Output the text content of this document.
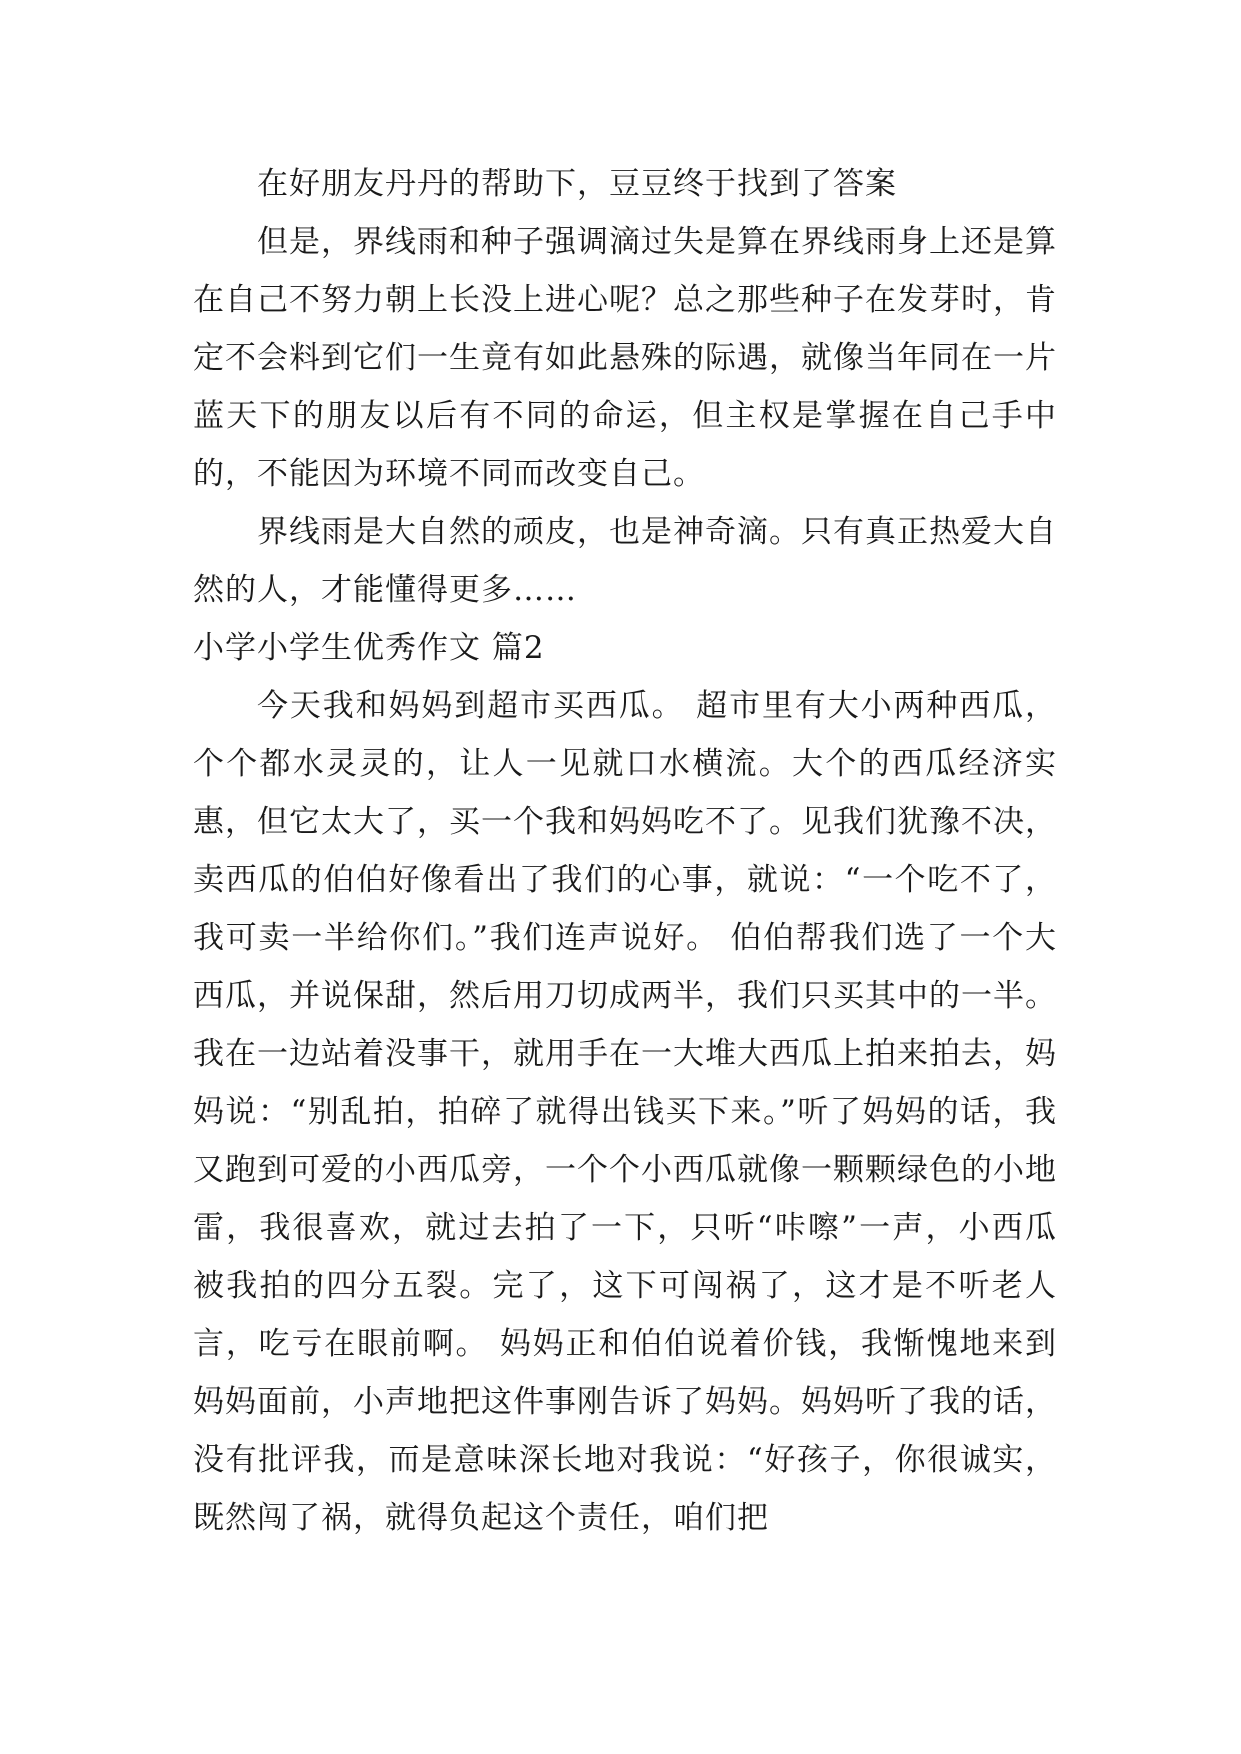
在好朋友丹丹的帮助下，豆豆终于找到了答案

但是，界线雨和种子强调滴过失是算在界线雨身上还是算在自己不努力朝上长没上进心呢？总之那些种子在发芽时，肯定不会料到它们一生竟有如此悬殊的际遇，就像当年同在一片蓝天下的朋友以后有不同的命运，但主权是掌握在自己手中的，不能因为环境不同而改变自己。

界线雨是大自然的顽皮，也是神奇滴。只有真正热爱大自然的人，才能懂得更多……

小学小学生优秀作文 篇2

今天我和妈妈到超市买西瓜。 超市里有大小两种西瓜，个个都水灵灵的，让人一见就口水横流。大个的西瓜经济实惠，但它太大了，买一个我和妈妈吃不了。见我们犹豫不决，卖西瓜的伯伯好像看出了我们的心事，就说：“一个吃不了，我可卖一半给你们。”我们连声说好。 伯伯帮我们选了一个大西瓜，并说保甜，然后用刀切成两半，我们只买其中的一半。我在一边站着没事干，就用手在一大堆大西瓜上拍来拍去，妈妈说：“别乱拍，拍碎了就得出钱买下来。”听了妈妈的话，我又跑到可爱的小西瓜旁，一个个小西瓜就像一颗颗绿色的小地雷，我很喜欢，就过去拍了一下，只听“咔嚓”一声，小西瓜被我拍的四分五裂。完了，这下可闯祸了，这才是不听老人言，吃亏在眼前啊。 妈妈正和伯伯说着价钱，我惭愧地来到妈妈面前，小声地把这件事刚告诉了妈妈。妈妈听了我的话，没有批评我，而是意味深长地对我说：“好孩子，你很诚实，既然闯了祸，就得负起这个责任，咱们把
